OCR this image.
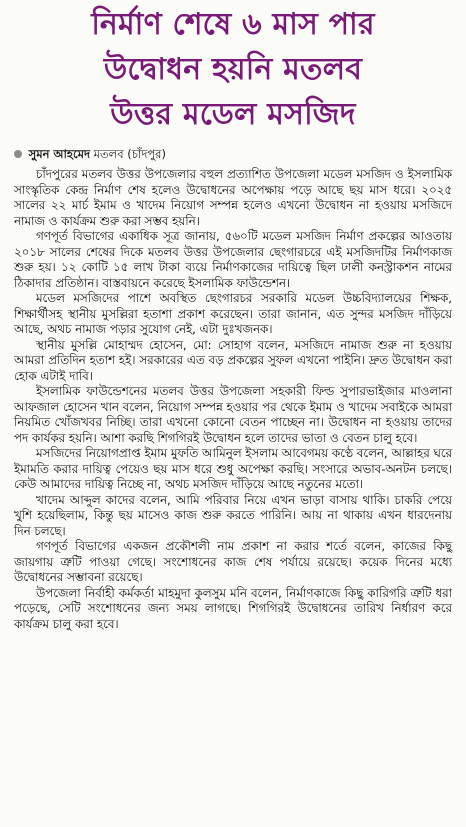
নির্মাণ শেষে ৬ মাস পার
উদ্বোধন হয়নি মতলব
উত্তর মডেল মসজিদ
সুমন আহমেদ মতলব (চাঁদপুর)

চাঁদপুরের মতলব উত্তর উপজেলার বহুল প্রত্যাশিত উপজেলা মডেল মসজিদ ও ইসলামিক সাংস্কৃতিক কেন্দ্র নির্মাণ শেষ হলেও উদ্বোধনের অপেক্ষায় পড়ে আছে ছয় মাস ধরে। ২০২৫ সালের ২২ মার্চ ইমাম ও খাদেম নিয়োগ সম্পন্ন হলেও এখনো উদ্বোধন না হওয়ায় মসজিদে নামাজ ও কার্যক্রম শুরু করা সম্ভব হয়নি।

গণপূর্ত বিভাগের একাধিক সূত্র জানায়, ৫৬০টি মডেল মসজিদ নির্মাণ প্রকল্পের আওতায় ২০১৮ সালের শেষের দিকে মতলব উত্তর উপজেলার ছেংগারচরে এই মসজিদটির নির্মাণকাজ শুরু হয়। ১২ কোটি ১৫ লাখ টাকা ব্যয়ে নির্মাণকাজের দায়িত্বে ছিল ঢালী কনস্ট্রাকশন নামের ঠিকাদার প্রতিষ্ঠান। বাস্তবায়নে করেছে ইসলামিক ফাউন্ডেশন।

মডেল মসজিদের পাশে অবস্থিত ছেংগারচর সরকারি মডেল উচ্চবিদ্যালয়ের শিক্ষক, শিক্ষার্থীসহ স্থানীয় মুসল্লিরা হতাশা প্রকাশ করেছেন। তারা জানান, এত সুন্দর মসজিদ দাঁড়িয়ে আছে, অথচ নামাজ পড়ার সুযোগ নেই, এটা দুঃখজনক।

স্থানীয় মুসল্লি মোহাম্মদ হোসেন, মো: সোহাগ বলেন, মসজিদে নামাজ শুরু না হওয়ায় আমরা প্রতিদিন হতাশ হই। সরকারের এত বড় প্রকল্পের সুফল এখনো পাইনি। দ্রুত উদ্বোধন করা হোক এটাই দাবি।

ইসলামিক ফাউন্ডেশনের মতলব উত্তর উপজেলা সহকারী ফিল্ড সুপারভাইজার মাওলানা আফজাল হোসেন খান বলেন, নিয়োগ সম্পন্ন হওয়ার পর থেকে ইমাম ও খাদেম সবাইকে আমরা নিয়মিত খোঁজখবর নিচ্ছি। তারা এখনো কোনো বেতন পাচ্ছেন না। উদ্বোধন না হওয়ায় তাদের পদ কার্যকর হয়নি। আশা করছি শিগগিরই উদ্বোধন হলে তাদের ভাতা ও বেতন চালু হবে।

মসজিদের নিয়োগপ্রাপ্ত ইমাম মুফতি আমিনুল ইসলাম আবেগময় কণ্ঠে বলেন, আল্লাহর ঘরে ইমামতি করার দায়িত্ব পেয়েও ছয় মাস ধরে শুধু অপেক্ষা করছি। সংসারে অভাব-অনটন চলছে। কেউ আমাদের দায়িত্ব নিচ্ছে না, অথচ মসজিদ দাঁড়িয়ে আছে নতুনের মতো।

খাদেম আব্দুল কাদের বলেন, আমি পরিবার নিয়ে এখন ভাড়া বাসায় থাকি। চাকরি পেয়ে খুশি হয়েছিলাম, কিন্তু ছয় মাসেও কাজ শুরু করতে পারিনি। আয় না থাকায় এখন ধারদেনায় দিন চলছে।

গণপূর্ত বিভাগের একজন প্রকৌশলী নাম প্রকাশ না করার শর্তে বলেন, কাজের কিছু জায়গায় ত্রুটি পাওয়া গেছে। সংশোধনের কাজ শেষ পর্যায়ে রয়েছে। কয়েক দিনের মধ্যে উদ্বোধনের সম্ভাবনা রয়েছে।

উপজেলা নির্বাহী কর্মকর্তা মাহমুদা কুলসুম মনি বলেন, নির্মাণকাজে কিছু কারিগরি ত্রুটি ধরা পড়েছে, সেটি সংশোধনের জন্য সময় লাগছে। শিগগিরই উদ্বোধনের তারিখ নির্ধারণ করে কার্যক্রম চালু করা হবে।
